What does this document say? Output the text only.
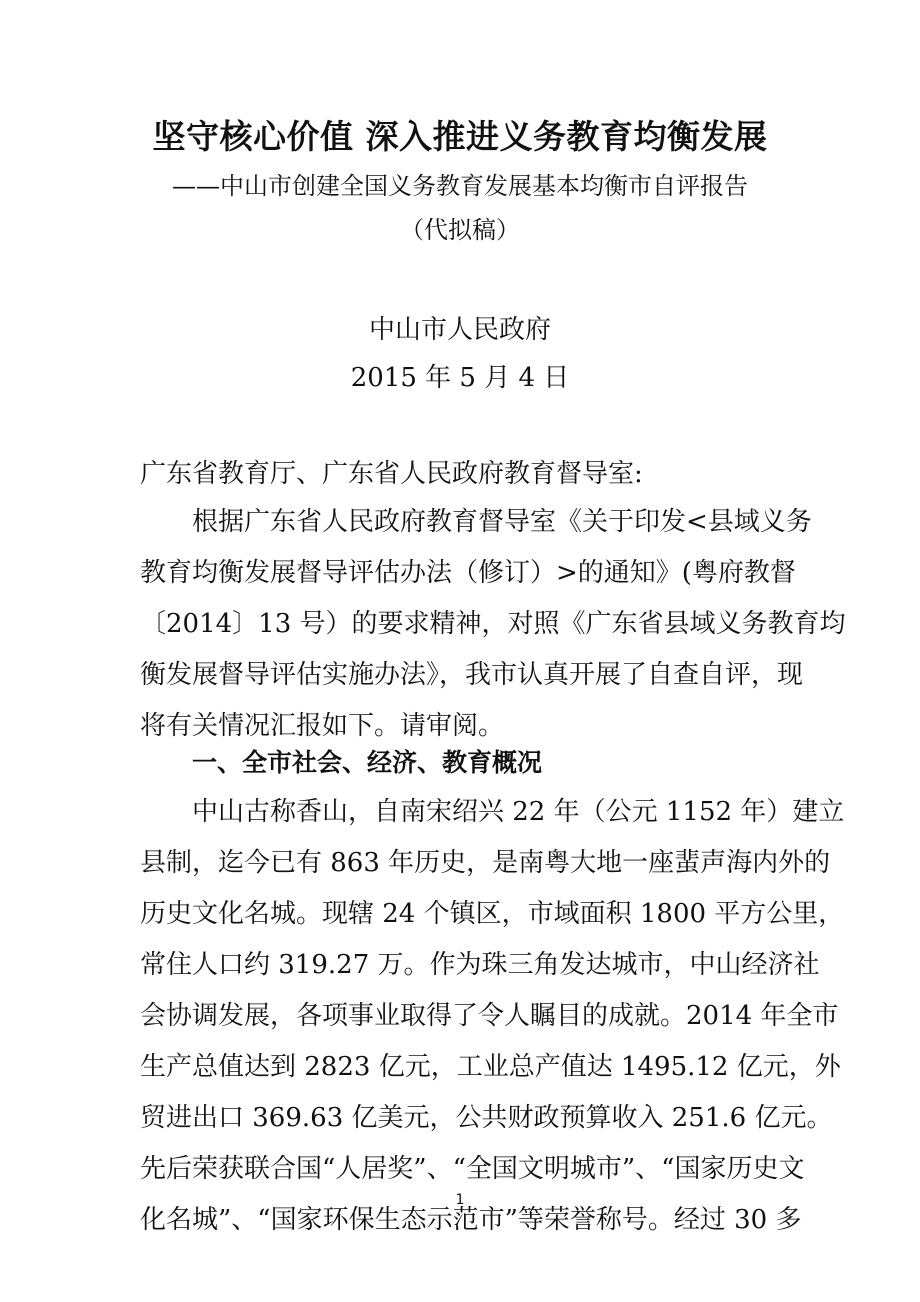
坚守核心价值 深入推进义务教育均衡发展
——中山市创建全国义务教育发展基本均衡市自评报告
（代拟稿）
中山市人民政府
2015 年 5 月 4 日
广东省教育厅、广东省人民政府教育督导室:
根据广东省人民政府教育督导室《关于印发<县域义务
教育均衡发展督导评估办法（修订）>的通知》(粤府教督
〔2014〕13 号）的要求精神，对照《广东省县域义务教育均
衡发展督导评估实施办法》，我市认真开展了自查自评，现
将有关情况汇报如下。请审阅。
一、全市社会、经济、教育概况
中山古称香山，自南宋绍兴 22 年（公元 1152 年）建立
县制，迄今已有 863 年历史，是南粤大地一座蜚声海内外的
历史文化名城。现辖 24 个镇区，市域面积 1800 平方公里，
常住人口约 319.27 万。作为珠三角发达城市，中山经济社
会协调发展，各项事业取得了令人瞩目的成就。2014 年全市
生产总值达到 2823 亿元，工业总产值达 1495.12 亿元，外
贸进出口 369.63 亿美元，公共财政预算收入 251.6 亿元。
先后荣获联合国“人居奖”、“全国文明城市”、“国家历史文
化名城”、“国家环保生态示范市”等荣誉称号。经过 30 多
1
